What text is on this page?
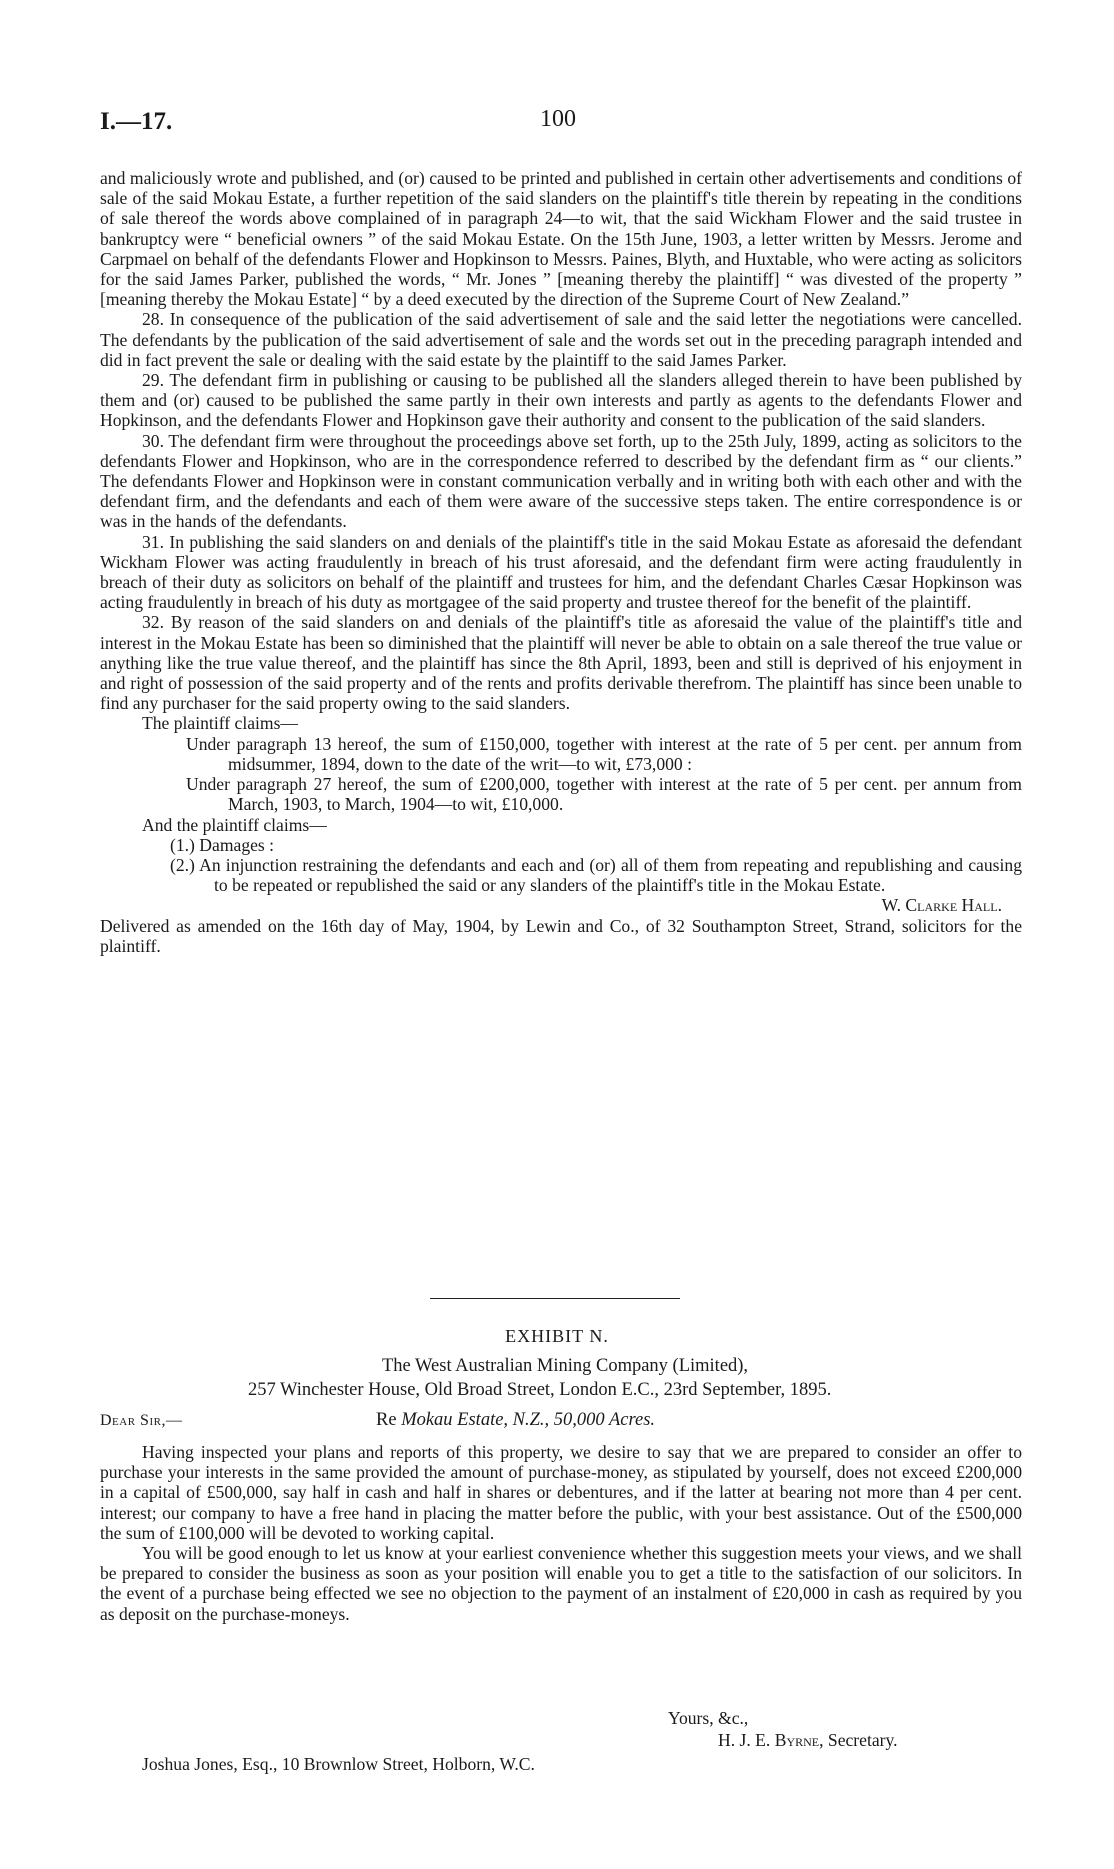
I.—17.	100

and maliciously wrote and published, and (or) caused to be printed and published in certain other advertisements and conditions of sale of the said Mokau Estate, a further repetition of the said slanders on the plaintiff's title therein by repeating in the conditions of sale thereof the words above complained of in paragraph 24—to wit, that the said Wickham Flower and the said trustee in bankruptcy were “ beneficial owners ” of the said Mokau Estate. On the 15th June, 1903, a letter written by Messrs. Jerome and Carpmael on behalf of the defendants Flower and Hopkinson to Messrs. Paines, Blyth, and Huxtable, who were acting as solicitors for the said James Parker, published the words, “ Mr. Jones ” [meaning thereby the plaintiff] “ was divested of the property ” [meaning thereby the Mokau Estate] “ by a deed executed by the direction of the Supreme Court of New Zealand.”

28. In consequence of the publication of the said advertisement of sale and the said letter the negotiations were cancelled. The defendants by the publication of the said advertisement of sale and the words set out in the preceding paragraph intended and did in fact prevent the sale or dealing with the said estate by the plaintiff to the said James Parker.

29. The defendant firm in publishing or causing to be published all the slanders alleged therein to have been published by them and (or) caused to be published the same partly in their own interests and partly as agents to the defendants Flower and Hopkinson, and the defendants Flower and Hopkinson gave their authority and consent to the publication of the said slanders.

30. The defendant firm were throughout the proceedings above set forth, up to the 25th July, 1899, acting as solicitors to the defendants Flower and Hopkinson, who are in the correspondence referred to described by the defendant firm as “ our clients.” The defendants Flower and Hopkinson were in constant communication verbally and in writing both with each other and with the defendant firm, and the defendants and each of them were aware of the successive steps taken. The entire correspondence is or was in the hands of the defendants.

31. In publishing the said slanders on and denials of the plaintiff's title in the said Mokau Estate as aforesaid the defendant Wickham Flower was acting fraudulently in breach of his trust aforesaid, and the defendant firm were acting fraudulently in breach of their duty as solicitors on behalf of the plaintiff and trustees for him, and the defendant Charles Cæsar Hopkinson was acting fraudulently in breach of his duty as mortgagee of the said property and trustee thereof for the benefit of the plaintiff.

32. By reason of the said slanders on and denials of the plaintiff's title as aforesaid the value of the plaintiff's title and interest in the Mokau Estate has been so diminished that the plaintiff will never be able to obtain on a sale thereof the true value or anything like the true value thereof, and the plaintiff has since the 8th April, 1893, been and still is deprived of his enjoyment in and right of possession of the said property and of the rents and profits derivable therefrom. The plaintiff has since been unable to find any purchaser for the said property owing to the said slanders.

The plaintiff claims—

Under paragraph 13 hereof, the sum of £150,000, together with interest at the rate of 5 per cent. per annum from midsummer, 1894, down to the date of the writ—to wit, £73,000 :

Under paragraph 27 hereof, the sum of £200,000, together with interest at the rate of 5 per cent. per annum from March, 1903, to March, 1904—to wit, £10,000.

And the plaintiff claims—

(1.) Damages :

(2.) An injunction restraining the defendants and each and (or) all of them from repeating and republishing and causing to be repeated or republished the said or any slanders of the plaintiff's title in the Mokau Estate.

W. Clarke Hall.

Delivered as amended on the 16th day of May, 1904, by Lewin and Co., of 32 Southampton Street, Strand, solicitors for the plaintiff.

EXHIBIT N.
The West Australian Mining Company (Limited),
257 Winchester House, Old Broad Street, London E.C., 23rd September, 1895.
Dear Sir,—	Re Mokau Estate, N.Z., 50,000 Acres.

Having inspected your plans and reports of this property, we desire to say that we are prepared to consider an offer to purchase your interests in the same provided the amount of purchase-money, as stipulated by yourself, does not exceed £200,000 in a capital of £500,000, say half in cash and half in shares or debentures, and if the latter at bearing not more than 4 per cent. interest; our company to have a free hand in placing the matter before the public, with your best assistance. Out of the £500,000 the sum of £100,000 will be devoted to working capital.

You will be good enough to let us know at your earliest convenience whether this suggestion meets your views, and we shall be prepared to consider the business as soon as your position will enable you to get a title to the satisfaction of our solicitors. In the event of a purchase being effected we see no objection to the payment of an instalment of £20,000 in cash as required by you as deposit on the purchase-moneys.

Yours, &c.,
H. J. E. Byrne, Secretary.
Joshua Jones, Esq., 10 Brownlow Street, Holborn, W.C.
